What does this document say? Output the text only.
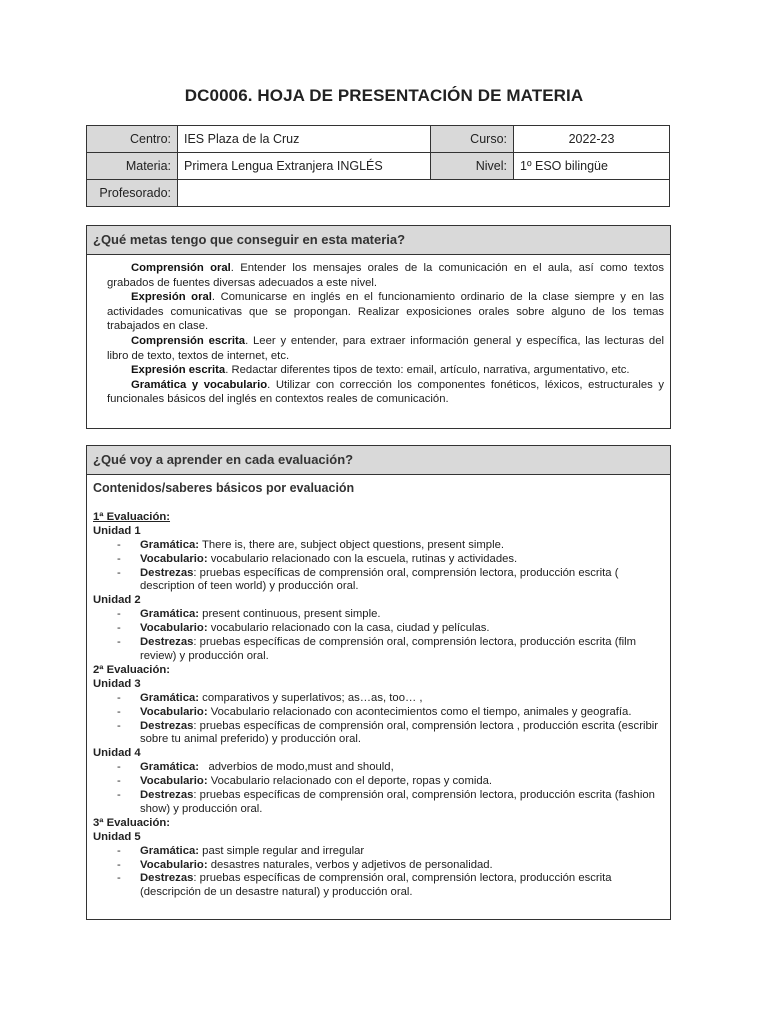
DC0006. HOJA DE PRESENTACIÓN DE MATERIA
Centro:	IES Plaza de la Cruz	Curso:	2022-23
Materia:	Primera Lengua Extranjera INGLÉS	Nivel:	1º ESO bilingüe
Profesorado:			
¿Qué metas tengo que conseguir en esta materia?

Comprensión oral. Entender los mensajes orales de la comunicación en el aula, así como textos grabados de fuentes diversas adecuados a este nivel.

Expresión oral. Comunicarse en inglés en el funcionamiento ordinario de la clase siempre y en las actividades comunicativas que se propongan. Realizar exposiciones orales sobre alguno de los temas trabajados en clase.

Comprensión escrita. Leer y entender, para extraer información general y específica, las lecturas del libro de texto, textos de internet, etc.

Expresión escrita. Redactar diferentes tipos de texto: email, artículo, narrativa, argumentativo, etc.

Gramática y vocabulario. Utilizar con corrección los componentes fonéticos, léxicos, estructurales y funcionales básicos del inglés en contextos reales de comunicación.

¿Qué voy a aprender en cada evaluación?
Contenidos/saberes básicos por evaluación
1ª Evaluación:
Unidad 1
- Gramática: There is, there are, subject object questions, present simple.
- Vocabulario: vocabulario relacionado con la escuela, rutinas y actividades.
- Destrezas: pruebas específicas de comprensión oral, comprensión lectora, producción escrita ( description of teen world) y producción oral.
Unidad 2
- Gramática: present continuous, present simple.
- Vocabulario: vocabulario relacionado con la casa, ciudad y películas.
- Destrezas: pruebas específicas de comprensión oral, comprensión lectora, producción escrita (film review) y producción oral.
2ª Evaluación:
Unidad 3
- Gramática: comparativos y superlativos; as…as, too… ,
- Vocabulario: Vocabulario relacionado con acontecimientos como el tiempo, animales y geografía.
- Destrezas: pruebas específicas de comprensión oral, comprensión lectora , producción escrita (escribir sobre tu animal preferido) y producción oral.
Unidad 4
- Gramática:   adverbios de modo,must and should,
- Vocabulario: Vocabulario relacionado con el deporte, ropas y comida.
- Destrezas: pruebas específicas de comprensión oral, comprensión lectora, producción escrita (fashion show) y producción oral.
3ª Evaluación:
Unidad 5
- Gramática: past simple regular and irregular
- Vocabulario: desastres naturales, verbos y adjetivos de personalidad.
- Destrezas: pruebas específicas de comprensión oral, comprensión lectora, producción escrita (descripción de un desastre natural) y producción oral.
